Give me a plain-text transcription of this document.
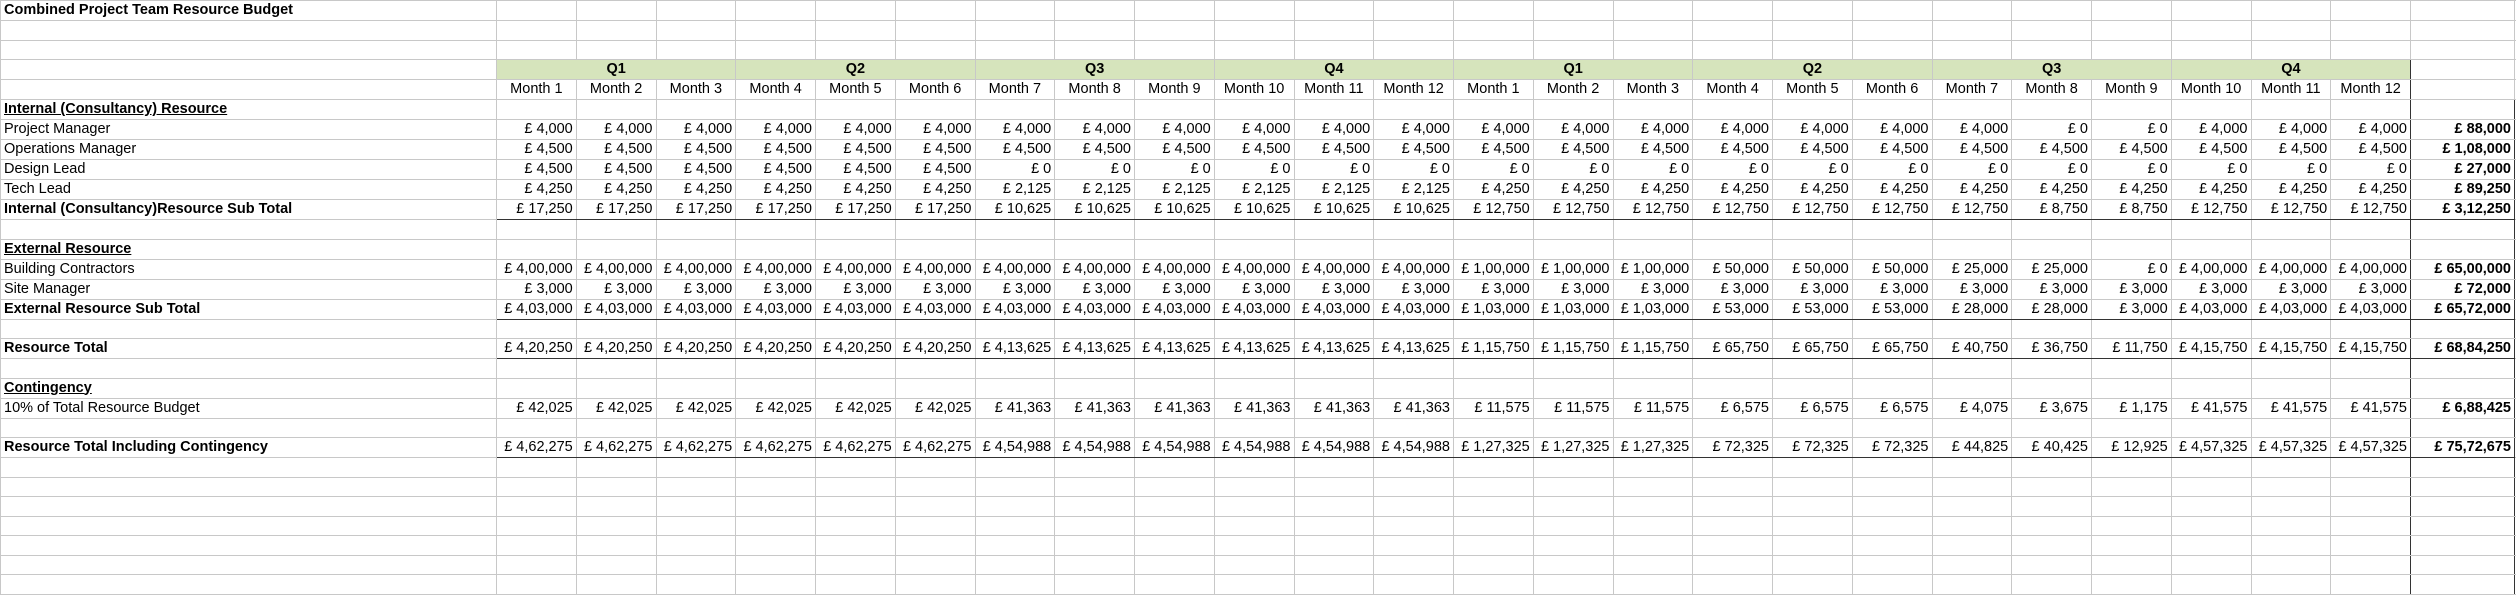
Combined Project Team Resource Budget																										

	Q1			Q2			Q3			Q4			Q1			Q2			Q3			Q4				
	Month 1	Month 2	Month 3	Month 4	Month 5	Month 6	Month 7	Month 8	Month 9	Month 10	Month 11	Month 12	Month 1	Month 2	Month 3	Month 4	Month 5	Month 6	Month 7	Month 8	Month 9	Month 10	Month 11	Month 12		
Internal (Consultancy) Resource																										
Project Manager	£ 4,000	£ 4,000	£ 4,000	£ 4,000	£ 4,000	£ 4,000	£ 4,000	£ 4,000	£ 4,000	£ 4,000	£ 4,000	£ 4,000	£ 4,000	£ 4,000	£ 4,000	£ 4,000	£ 4,000	£ 4,000	£ 4,000	£ 0	£ 0	£ 4,000	£ 4,000	£ 4,000	£ 88,000	
Operations Manager	£ 4,500	£ 4,500	£ 4,500	£ 4,500	£ 4,500	£ 4,500	£ 4,500	£ 4,500	£ 4,500	£ 4,500	£ 4,500	£ 4,500	£ 4,500	£ 4,500	£ 4,500	£ 4,500	£ 4,500	£ 4,500	£ 4,500	£ 4,500	£ 4,500	£ 4,500	£ 4,500	£ 4,500	£ 1,08,000	
Design Lead	£ 4,500	£ 4,500	£ 4,500	£ 4,500	£ 4,500	£ 4,500	£ 0	£ 0	£ 0	£ 0	£ 0	£ 0	£ 0	£ 0	£ 0	£ 0	£ 0	£ 0	£ 0	£ 0	£ 0	£ 0	£ 0	£ 0	£ 27,000	
Tech Lead	£ 4,250	£ 4,250	£ 4,250	£ 4,250	£ 4,250	£ 4,250	£ 2,125	£ 2,125	£ 2,125	£ 2,125	£ 2,125	£ 2,125	£ 4,250	£ 4,250	£ 4,250	£ 4,250	£ 4,250	£ 4,250	£ 4,250	£ 4,250	£ 4,250	£ 4,250	£ 4,250	£ 4,250	£ 89,250	
Internal (Consultancy)Resource Sub Total	£ 17,250	£ 17,250	£ 17,250	£ 17,250	£ 17,250	£ 17,250	£ 10,625	£ 10,625	£ 10,625	£ 10,625	£ 10,625	£ 10,625	£ 12,750	£ 12,750	£ 12,750	£ 12,750	£ 12,750	£ 12,750	£ 12,750	£ 8,750	£ 8,750	£ 12,750	£ 12,750	£ 12,750	£ 3,12,250	

External Resource																										
Building Contractors	£ 4,00,000	£ 4,00,000	£ 4,00,000	£ 4,00,000	£ 4,00,000	£ 4,00,000	£ 4,00,000	£ 4,00,000	£ 4,00,000	£ 4,00,000	£ 4,00,000	£ 4,00,000	£ 1,00,000	£ 1,00,000	£ 1,00,000	£ 50,000	£ 50,000	£ 50,000	£ 25,000	£ 25,000	£ 0	£ 4,00,000	£ 4,00,000	£ 4,00,000	£ 65,00,000	
Site Manager	£ 3,000	£ 3,000	£ 3,000	£ 3,000	£ 3,000	£ 3,000	£ 3,000	£ 3,000	£ 3,000	£ 3,000	£ 3,000	£ 3,000	£ 3,000	£ 3,000	£ 3,000	£ 3,000	£ 3,000	£ 3,000	£ 3,000	£ 3,000	£ 3,000	£ 3,000	£ 3,000	£ 3,000	£ 72,000	
External Resource Sub Total	£ 4,03,000	£ 4,03,000	£ 4,03,000	£ 4,03,000	£ 4,03,000	£ 4,03,000	£ 4,03,000	£ 4,03,000	£ 4,03,000	£ 4,03,000	£ 4,03,000	£ 4,03,000	£ 1,03,000	£ 1,03,000	£ 1,03,000	£ 53,000	£ 53,000	£ 53,000	£ 28,000	£ 28,000	£ 3,000	£ 4,03,000	£ 4,03,000	£ 4,03,000	£ 65,72,000	

Resource Total	£ 4,20,250	£ 4,20,250	£ 4,20,250	£ 4,20,250	£ 4,20,250	£ 4,20,250	£ 4,13,625	£ 4,13,625	£ 4,13,625	£ 4,13,625	£ 4,13,625	£ 4,13,625	£ 1,15,750	£ 1,15,750	£ 1,15,750	£ 65,750	£ 65,750	£ 65,750	£ 40,750	£ 36,750	£ 11,750	£ 4,15,750	£ 4,15,750	£ 4,15,750	£ 68,84,250	

Contingency																										
10% of Total Resource Budget	£ 42,025	£ 42,025	£ 42,025	£ 42,025	£ 42,025	£ 42,025	£ 41,363	£ 41,363	£ 41,363	£ 41,363	£ 41,363	£ 41,363	£ 11,575	£ 11,575	£ 11,575	£ 6,575	£ 6,575	£ 6,575	£ 4,075	£ 3,675	£ 1,175	£ 41,575	£ 41,575	£ 41,575	£ 6,88,425	

Resource Total Including Contingency	£ 4,62,275	£ 4,62,275	£ 4,62,275	£ 4,62,275	£ 4,62,275	£ 4,62,275	£ 4,54,988	£ 4,54,988	£ 4,54,988	£ 4,54,988	£ 4,54,988	£ 4,54,988	£ 1,27,325	£ 1,27,325	£ 1,27,325	£ 72,325	£ 72,325	£ 72,325	£ 44,825	£ 40,425	£ 12,925	£ 4,57,325	£ 4,57,325	£ 4,57,325	£ 75,72,675	
